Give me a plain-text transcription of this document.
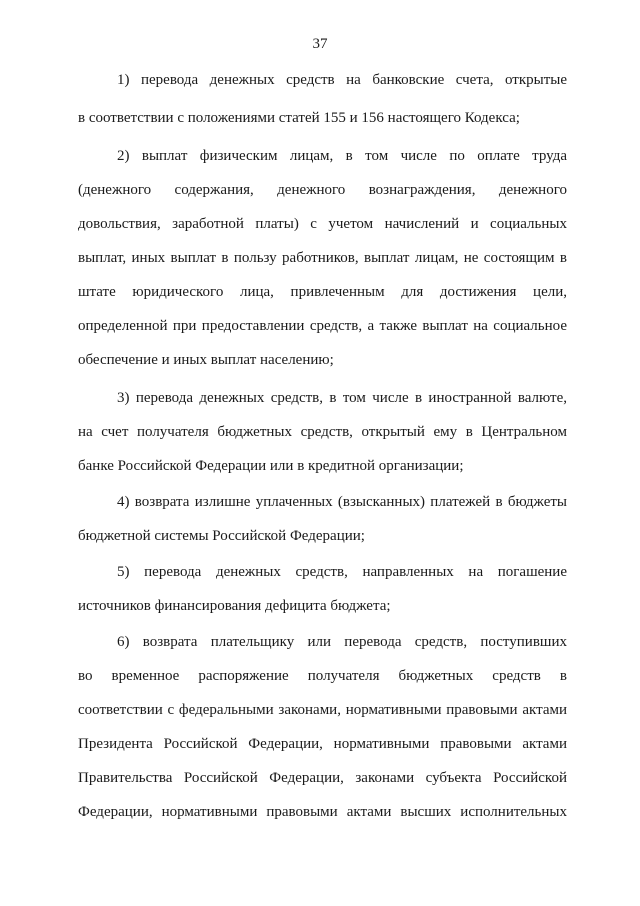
37
1) перевода денежных средств на банковские счета, открытые
в соответствии с положениями статей 155 и 156 настоящего Кодекса;
2) выплат физическим лицам, в том числе по оплате труда
(денежного содержания, денежного вознаграждения, денежного
довольствия, заработной платы) с учетом начислений и социальных
выплат, иных выплат в пользу работников, выплат лицам, не состоящим в
штате юридического лица, привлеченным для достижения цели,
определенной при предоставлении средств, а также выплат на социальное
обеспечение и иных выплат населению;
3) перевода денежных средств, в том числе в иностранной валюте,
на счет получателя бюджетных средств, открытый ему в Центральном
банке Российской Федерации или в кредитной организации;
4) возврата излишне уплаченных (взысканных) платежей в бюджеты
бюджетной системы Российской Федерации;
5) перевода денежных средств, направленных на погашение
источников финансирования дефицита бюджета;
6) возврата плательщику или перевода средств, поступивших
во временное распоряжение получателя бюджетных средств в
соответствии с федеральными законами, нормативными правовыми актами
Президента Российской Федерации, нормативными правовыми актами
Правительства Российской Федерации, законами субъекта Российской
Федерации, нормативными правовыми актами высших исполнительных
